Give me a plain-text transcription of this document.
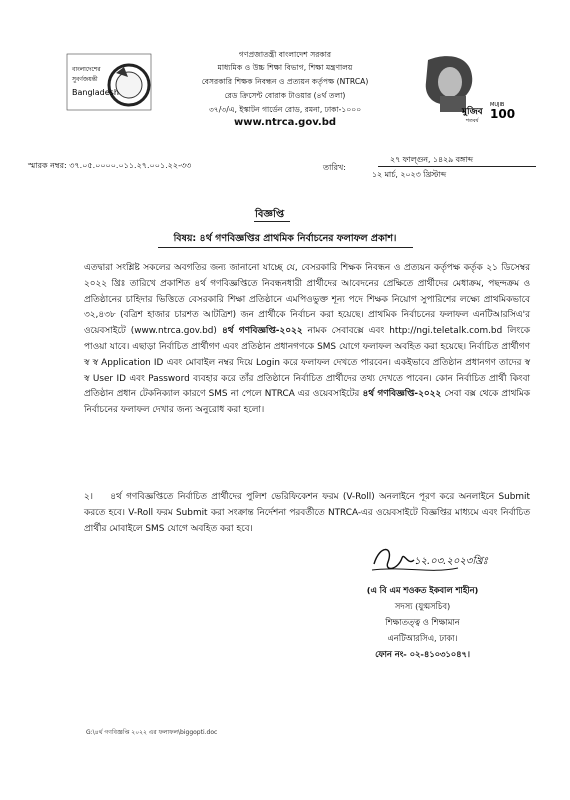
বাংলাদেশের
সুবর্ণজয়ন্তী
Bangladesh
মুজিব
শতবর্ষ
MUJIB
100
গণপ্রজাতন্ত্রী বাংলাদেশ সরকার
মাধ্যমিক ও উচ্চ শিক্ষা বিভাগ, শিক্ষা মন্ত্রণালয়
বেসরকারি শিক্ষক নিবন্ধন ও প্রত্যয়ন কর্তৃপক্ষ (NTRCA)
রেড ক্রিসেন্ট বোরাক টাওয়ার (৪র্থ তলা)
৩৭/৩/এ, ইস্কাটন গার্ডেন রোড, রমনা, ঢাকা-১০০০
www.ntrca.gov.bd
স্মারক নম্বর: ৩৭.০৫.০০০০.০১১.২৭.০০১.২২-৩৩	তারিখ:
২৭ ফাল্গুন, ১৪২৯ বঙ্গাব্দ
১২ মার্চ, ২০২৩ খ্রিস্টাব্দ
বিজ্ঞপ্তি
বিষয়: ৪র্থ গণবিজ্ঞপ্তির প্রাথমিক নির্বাচনের ফলাফল প্রকাশ।
এতদ্বারা সংশ্লিষ্ট সকলের অবগতির জন্য জানানো যাচ্ছে যে, বেসরকারি শিক্ষক নিবন্ধন ও প্রত্যয়ন কর্তৃপক্ষ কর্তৃক ২১ ডিসেম্বর ২০২২ খ্রিঃ তারিখে প্রকাশিত ৪র্থ গণবিজ্ঞপ্তিতে নিবন্ধনধারী প্রার্থীদের আবেদনের প্রেক্ষিতে প্রার্থীদের মেধাক্রম, পছন্দক্রম ও প্রতিষ্ঠানের চাহিদার ভিত্তিতে বেসরকারি শিক্ষা প্রতিষ্ঠানে এমপিওভুক্ত শূন্য পদে শিক্ষক নিয়োগ সুপারিশের লক্ষ্যে প্রাথমিকভাবে ৩২,৪৩৮ (বত্রিশ হাজার চারশত আটত্রিশ) জন প্রার্থীকে নির্বাচন করা হয়েছে। প্রাথমিক নির্বাচনের ফলাফল এনটিআরসিএ'র ওয়েবসাইটে (www.ntrca.gov.bd) ৪র্থ গণবিজ্ঞপ্তি-২০২২ নামক সেবাবক্সে এবং http://ngi.teletalk.com.bd লিংকে পাওয়া যাবে। এছাড়া নির্বাচিত প্রার্থীগণ এবং প্রতিষ্ঠান প্রধানগণকে SMS যোগে ফলাফল অবহিত করা হয়েছে। নির্বাচিত প্রার্থীগণ স্ব স্ব Application ID এবং মোবাইল নম্বর দিয়ে Login করে ফলাফল দেখতে পারবেন। একইভাবে প্রতিষ্ঠান প্রধানগণ তাদের স্ব স্ব User ID এবং Password ব্যবহার করে তাঁর প্রতিষ্ঠানে নির্বাচিত প্রার্থীদের তথ্য দেখতে পাবেন। কোন নির্বাচিত প্রার্থী কিংবা প্রতিষ্ঠান প্রধান টেকনিক্যাল কারণে SMS না পেলে NTRCA এর ওয়েবসাইটের ৪র্থ গণবিজ্ঞপ্তি-২০২২ সেবা বক্স থেকে প্রাথমিক নির্বাচনের ফলাফল দেখার জন্য অনুরোধ করা হলো।
২। ৪র্থ গণবিজ্ঞপ্তিতে নির্বাচিত প্রার্থীদের পুলিশ ভেরিফিকেশন ফরম (V-Roll) অনলাইনে পূরণ করে অনলাইনে Submit করতে হবে। V-Roll ফরম Submit করা সংক্রান্ত নির্দেশনা পরবর্তীতে NTRCA-এর ওয়েবসাইটে বিজ্ঞপ্তির মাধ্যমে এবং নির্বাচিত প্রার্থীর মোবাইলে SMS যোগে অবহিত করা হবে।
১২.০৩.২০২৩খ্রিঃ
(এ বি এম শওকত ইকবাল শাহীন)
সদস্য (যুগ্মসচিব)
শিক্ষাতত্ত্ব ও শিক্ষামান
এনটিআরসিএ, ঢাকা।
ফোন নং- ০২-৪১০৩১০৪৭।
G:\৪র্থ গণবিজ্ঞপ্তি ২০২২ এর ফলাফল\biggopti.doc
